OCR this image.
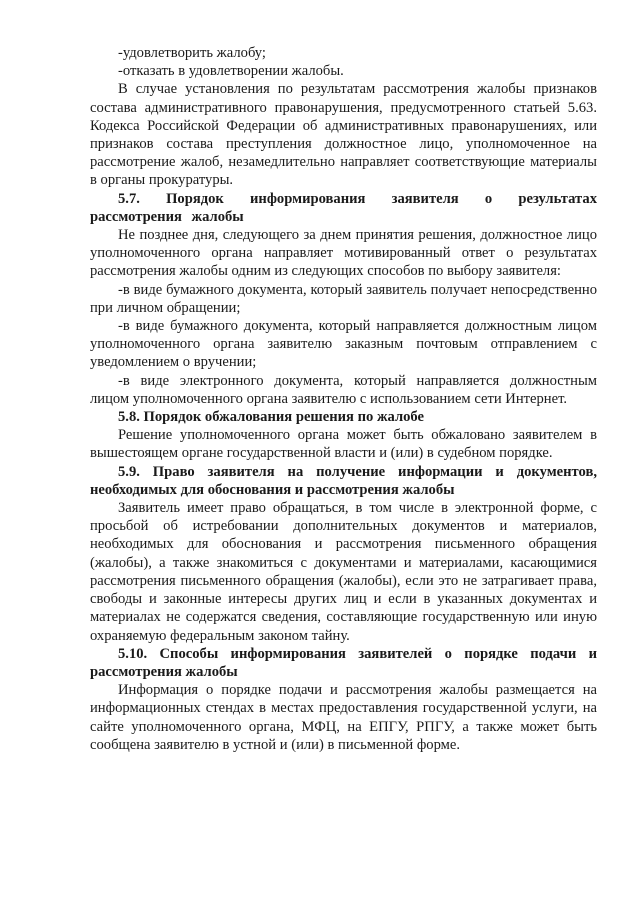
-удовлетворить жалобу;

-отказать в удовлетворении жалобы.

В случае установления по результатам рассмотрения жалобы признаков состава административного правонарушения, предусмотренного статьей 5.63. Кодекса Российской Федерации об административных правонарушениях, или признаков состава преступления должностное лицо, уполномоченное на рассмотрение жалоб, незамедлительно направляет соответствующие материалы в органы прокуратуры.

5.7. Порядок информирования заявителя о результатах рассмотрения жалобы

Не позднее дня, следующего за днем принятия решения, должностное лицо уполномоченного органа направляет мотивированный ответ о результатах рассмотрения жалобы одним из следующих способов по выбору заявителя:

-в виде бумажного документа, который заявитель получает непосредственно при личном обращении;

-в виде бумажного документа, который направляется должностным лицом уполномоченного органа заявителю заказным почтовым отправлением с уведомлением о вручении;

-в виде электронного документа, который направляется должностным лицом уполномоченного органа заявителю с использованием сети Интернет.

5.8. Порядок обжалования решения по жалобе

Решение уполномоченного органа может быть обжаловано заявителем в вышестоящем органе государственной власти и (или) в судебном порядке.

5.9. Право заявителя на получение информации и документов, необходимых для обоснования и рассмотрения жалобы

Заявитель имеет право обращаться, в том числе в электронной форме, с просьбой об истребовании дополнительных документов и материалов, необходимых для обоснования и рассмотрения письменного обращения (жалобы), а также знакомиться с документами и материалами, касающимися рассмотрения письменного обращения (жалобы), если это не затрагивает права, свободы и законные интересы других лиц и если в указанных документах и материалах не содержатся сведения, составляющие государственную или иную охраняемую федеральным законом тайну.

5.10. Способы информирования заявителей о порядке подачи и рассмотрения жалобы

Информация о порядке подачи и рассмотрения жалобы размещается на информационных стендах в местах предоставления государственной услуги, на сайте уполномоченного органа, МФЦ, на ЕПГУ, РПГУ, а также может быть сообщена заявителю в устной и (или) в письменной форме.
